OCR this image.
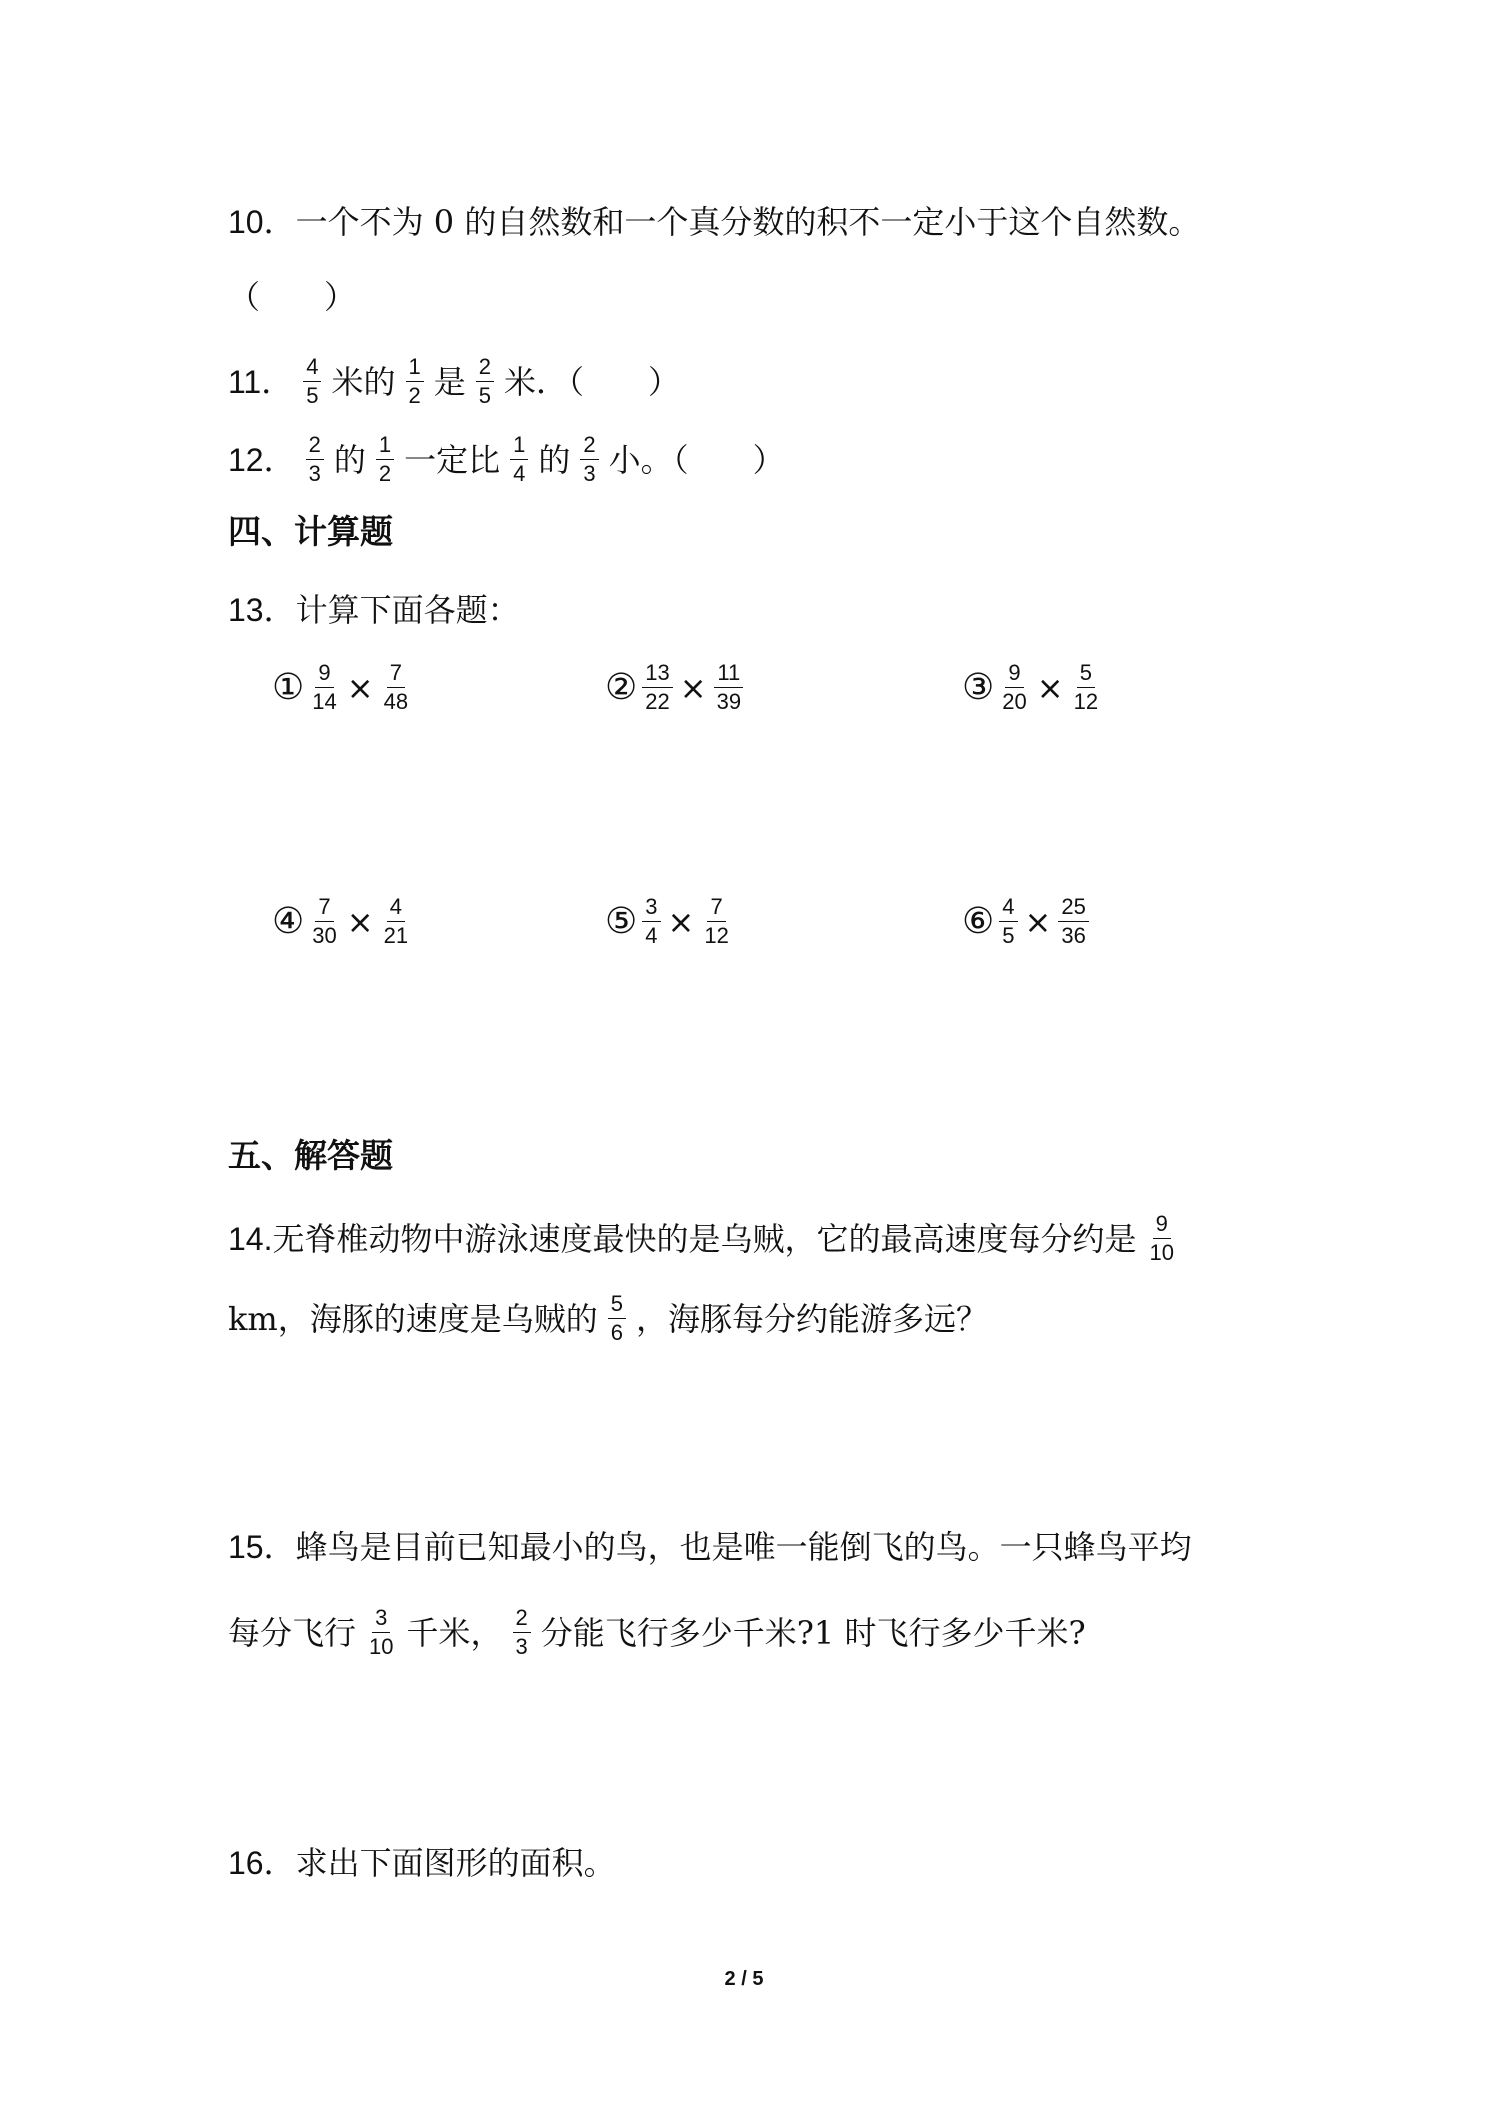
10． 一个不为 0 的自然数和一个真分数的积不一定小于这个自然数。
（　　）
11． $\frac{4}{5}$ 米的 $\frac{1}{2}$ 是 $\frac{2}{5}$ 米．（　　）
12． $\frac{2}{3}$ 的 $\frac{1}{2}$ 一定比 $\frac{1}{4}$ 的 $\frac{2}{3}$ 小。（　　）
四、计算题
13． 计算下面各题：
① $\frac{9}{14} \times \frac{7}{48}$	② $\frac{13}{22} \times \frac{11}{39}$	③ $\frac{9}{20} \times \frac{5}{12}$
④ $\frac{7}{30} \times \frac{4}{21}$	⑤ $\frac{3}{4} \times \frac{7}{12}$	⑥ $\frac{4}{5} \times \frac{25}{36}$
五、解答题
14. 无脊椎动物中游泳速度最快的是乌贼，它的最高速度每分约是 $\frac{9}{10}$
km，海豚的速度是乌贼的 $\frac{5}{6}$ ，海豚每分约能游多远？
15． 蜂鸟是目前已知最小的鸟，也是唯一能倒飞的鸟。一只蜂鸟平均
每分飞行 $\frac{3}{10}$ 千米， $\frac{2}{3}$ 分能飞行多少千米?1 时飞行多少千米?
16． 求出下面图形的面积。
2 / 5
